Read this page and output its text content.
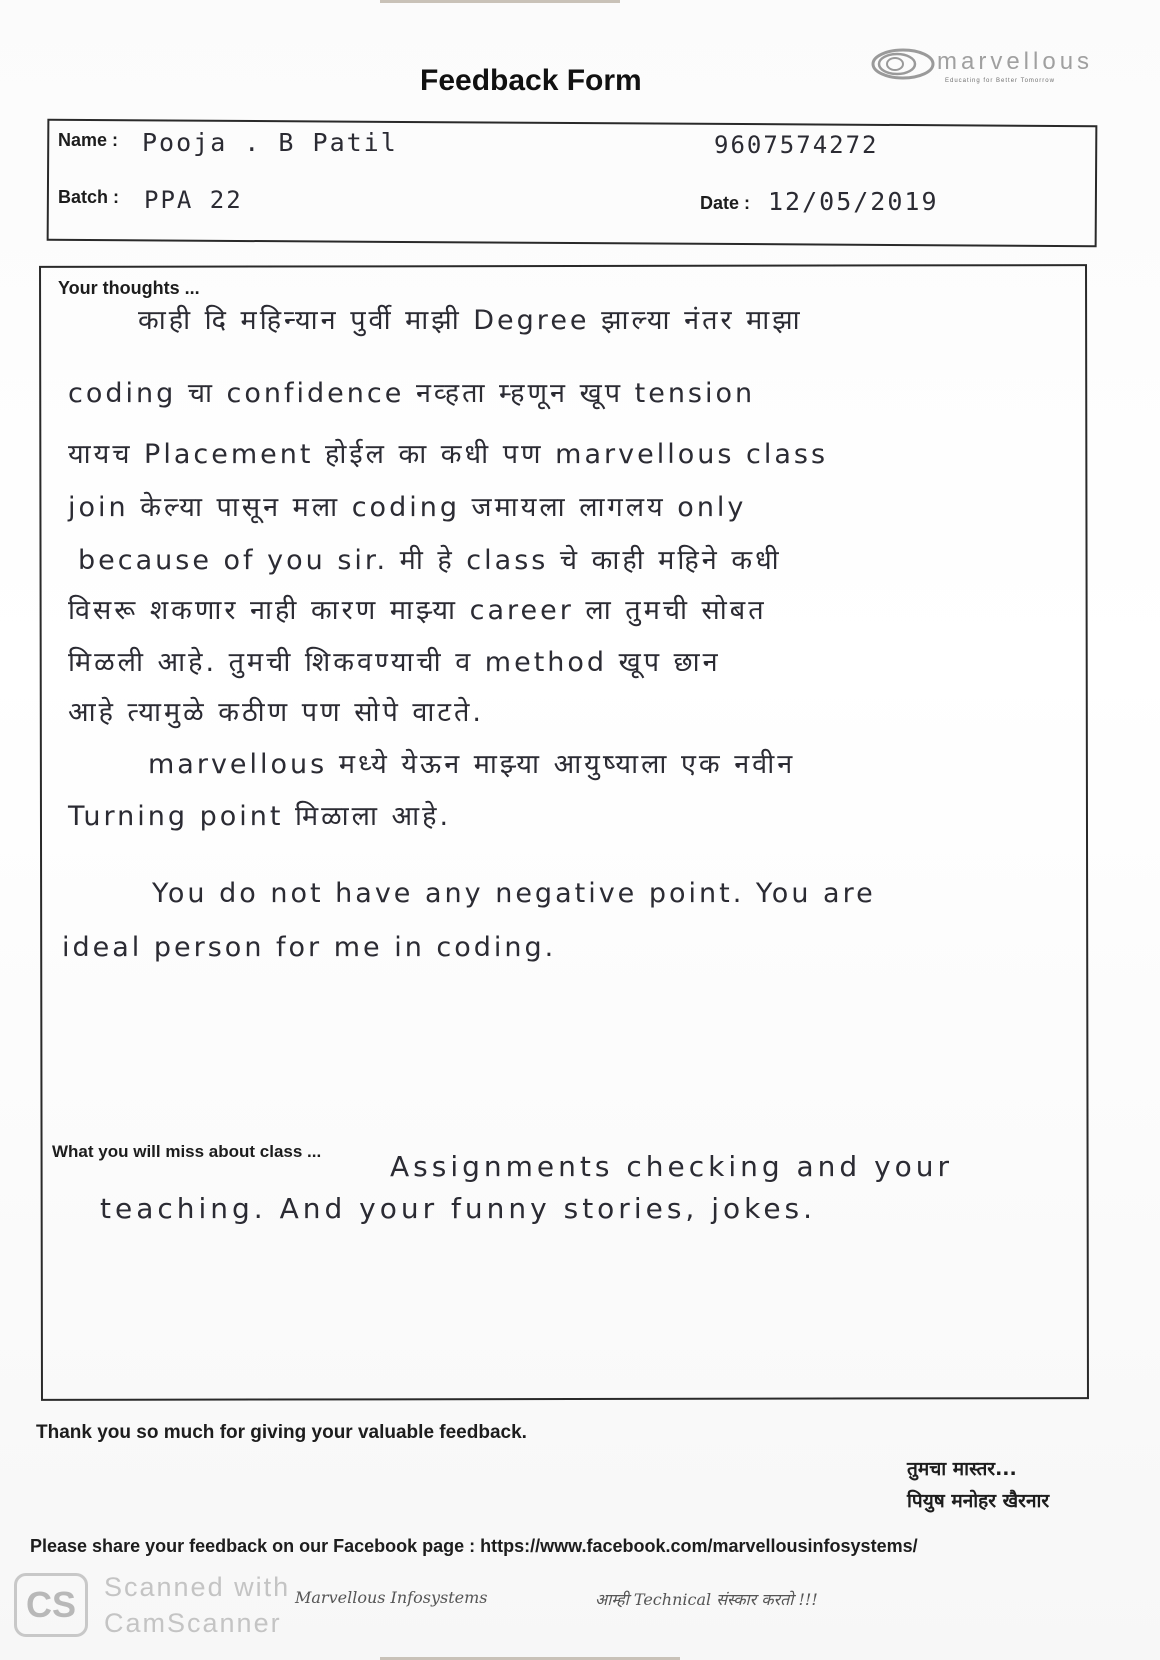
marvellous
Educating for Better Tomorrow
Feedback Form
Name : Pooja . B Patil	9607574272
Batch : PPA 22	Date : 12/05/2019
Your thoughts ...
काही दि महिन्यान पुर्वी माझी Degree झाल्या नंतर माझा
coding चा confidence नव्हता म्हणून खूप tension
यायच Placement होईल का कधी पण marvellous class
join केल्या पासून मला coding जमायला लागलय only
because of you sir. मी हे class चे काही महिने कधी
विसरू शकणार नाही कारण माझ्या career ला तुमची सोबत
मिळली आहे. तुमची शिकवण्याची व method खूप छान
आहे त्यामुळे कठीण पण सोपे वाटते.
marvellous मध्ये येऊन माझ्या आयुष्याला एक नवीन
Turning point मिळाला आहे.
You do not have any negative point. You are
ideal person for me in coding.
What you will miss about class ... Assignments checking and your
teaching. And your funny stories, jokes.
Thank you so much for giving your valuable feedback.
तुमचा मास्तर...
पियुष मनोहर खैरनार
Please share your feedback on our Facebook page : https://www.facebook.com/marvellousinfosystems/
Marvellous Infosystems	आम्ही Technical संस्कार करतो !!!
CS	Scanned with
CamScanner
